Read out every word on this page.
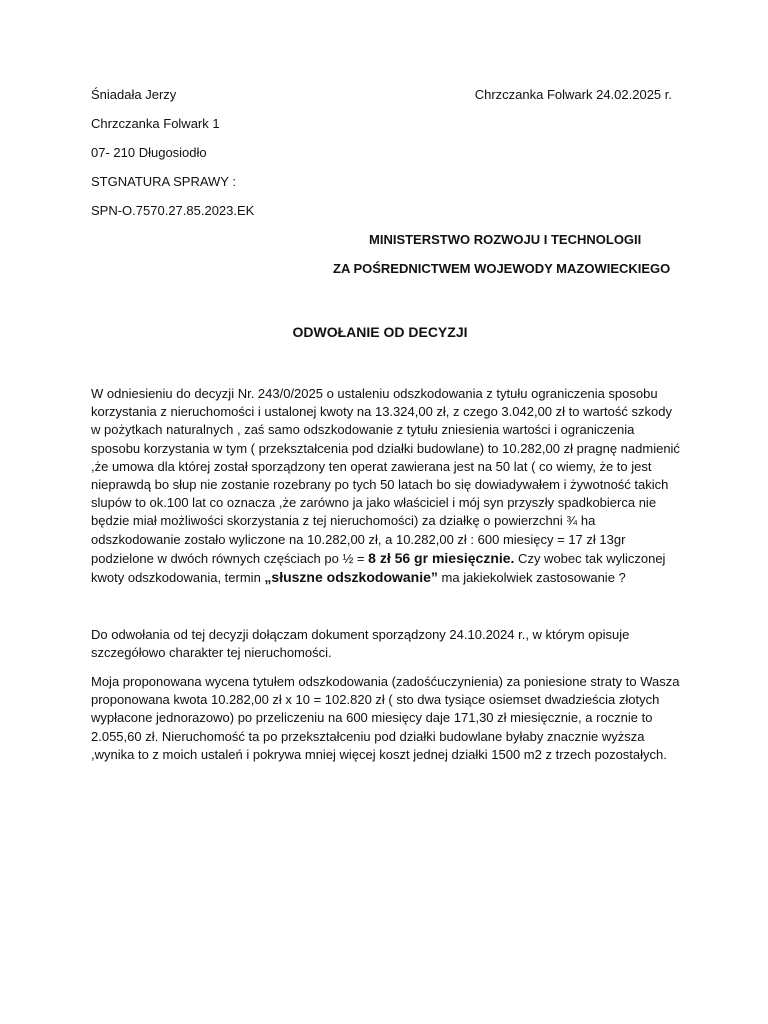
Śniadała Jerzy
Chrzczanka Folwark 1
07- 210 Długosiodło
STGNATURA SPRAWY :
SPN-O.7570.27.85.2023.EK
Chrzczanka Folwark 24.02.2025 r.
MINISTERSTWO ROZWOJU I TECHNOLOGII
ZA POŚREDNICTWEM WOJEWODY MAZOWIECKIEGO
ODWOŁANIE OD DECYZJI
W odniesieniu do decyzji Nr. 243/0/2025 o ustaleniu odszkodowania z tytułu ograniczenia sposobu korzystania z nieruchomości i ustalonej kwoty na 13.324,00 zł, z czego 3.042,00 zł to wartość szkody w pożytkach naturalnych , zaś samo odszkodowanie z tytułu zniesienia wartości i ograniczenia sposobu korzystania w tym ( przekształcenia pod działki budowlane) to 10.282,00 zł pragnę nadmienić ,że umowa dla której został sporządzony ten operat zawierana jest na 50 lat ( co wiemy, że to jest nieprawdą bo słup nie zostanie rozebrany po tych 50 latach bo się dowiadywałem i żywotność takich slupów to ok.100 lat co oznacza ,że zarówno ja jako właściciel i mój syn przyszły spadkobierca nie będzie miał możliwości skorzystania z tej nieruchomości) za działkę o powierzchni ¾ ha odszkodowanie zostało wyliczone na 10.282,00 zł, a 10.282,00 zł : 600 miesięcy = 17 zł 13gr podzielone w dwóch równych częściach po ½ = 8 zł 56 gr miesięcznie. Czy wobec tak wyliczonej kwoty odszkodowania, termin „słuszne odszkodowanie” ma jakiekolwiek zastosowanie ?
Do odwołania od tej decyzji dołączam dokument sporządzony 24.10.2024 r., w którym opisuje szczegółowo charakter tej nieruchomości.
Moja proponowana wycena tytułem odszkodowania (zadośćuczynienia) za poniesione straty to Wasza proponowana kwota 10.282,00 zł x 10 = 102.820 zł ( sto dwa tysiące osiemset dwadzieścia złotych wypłacone jednorazowo) po przeliczeniu na 600 miesięcy daje 171,30 zł miesięcznie, a rocznie to 2.055,60 zł. Nieruchomość ta po przekształceniu pod działki budowlane byłaby znacznie wyższa ,wynika to z moich ustaleń i pokrywa mniej więcej koszt jednej działki 1500 m2 z trzech pozostałych.
